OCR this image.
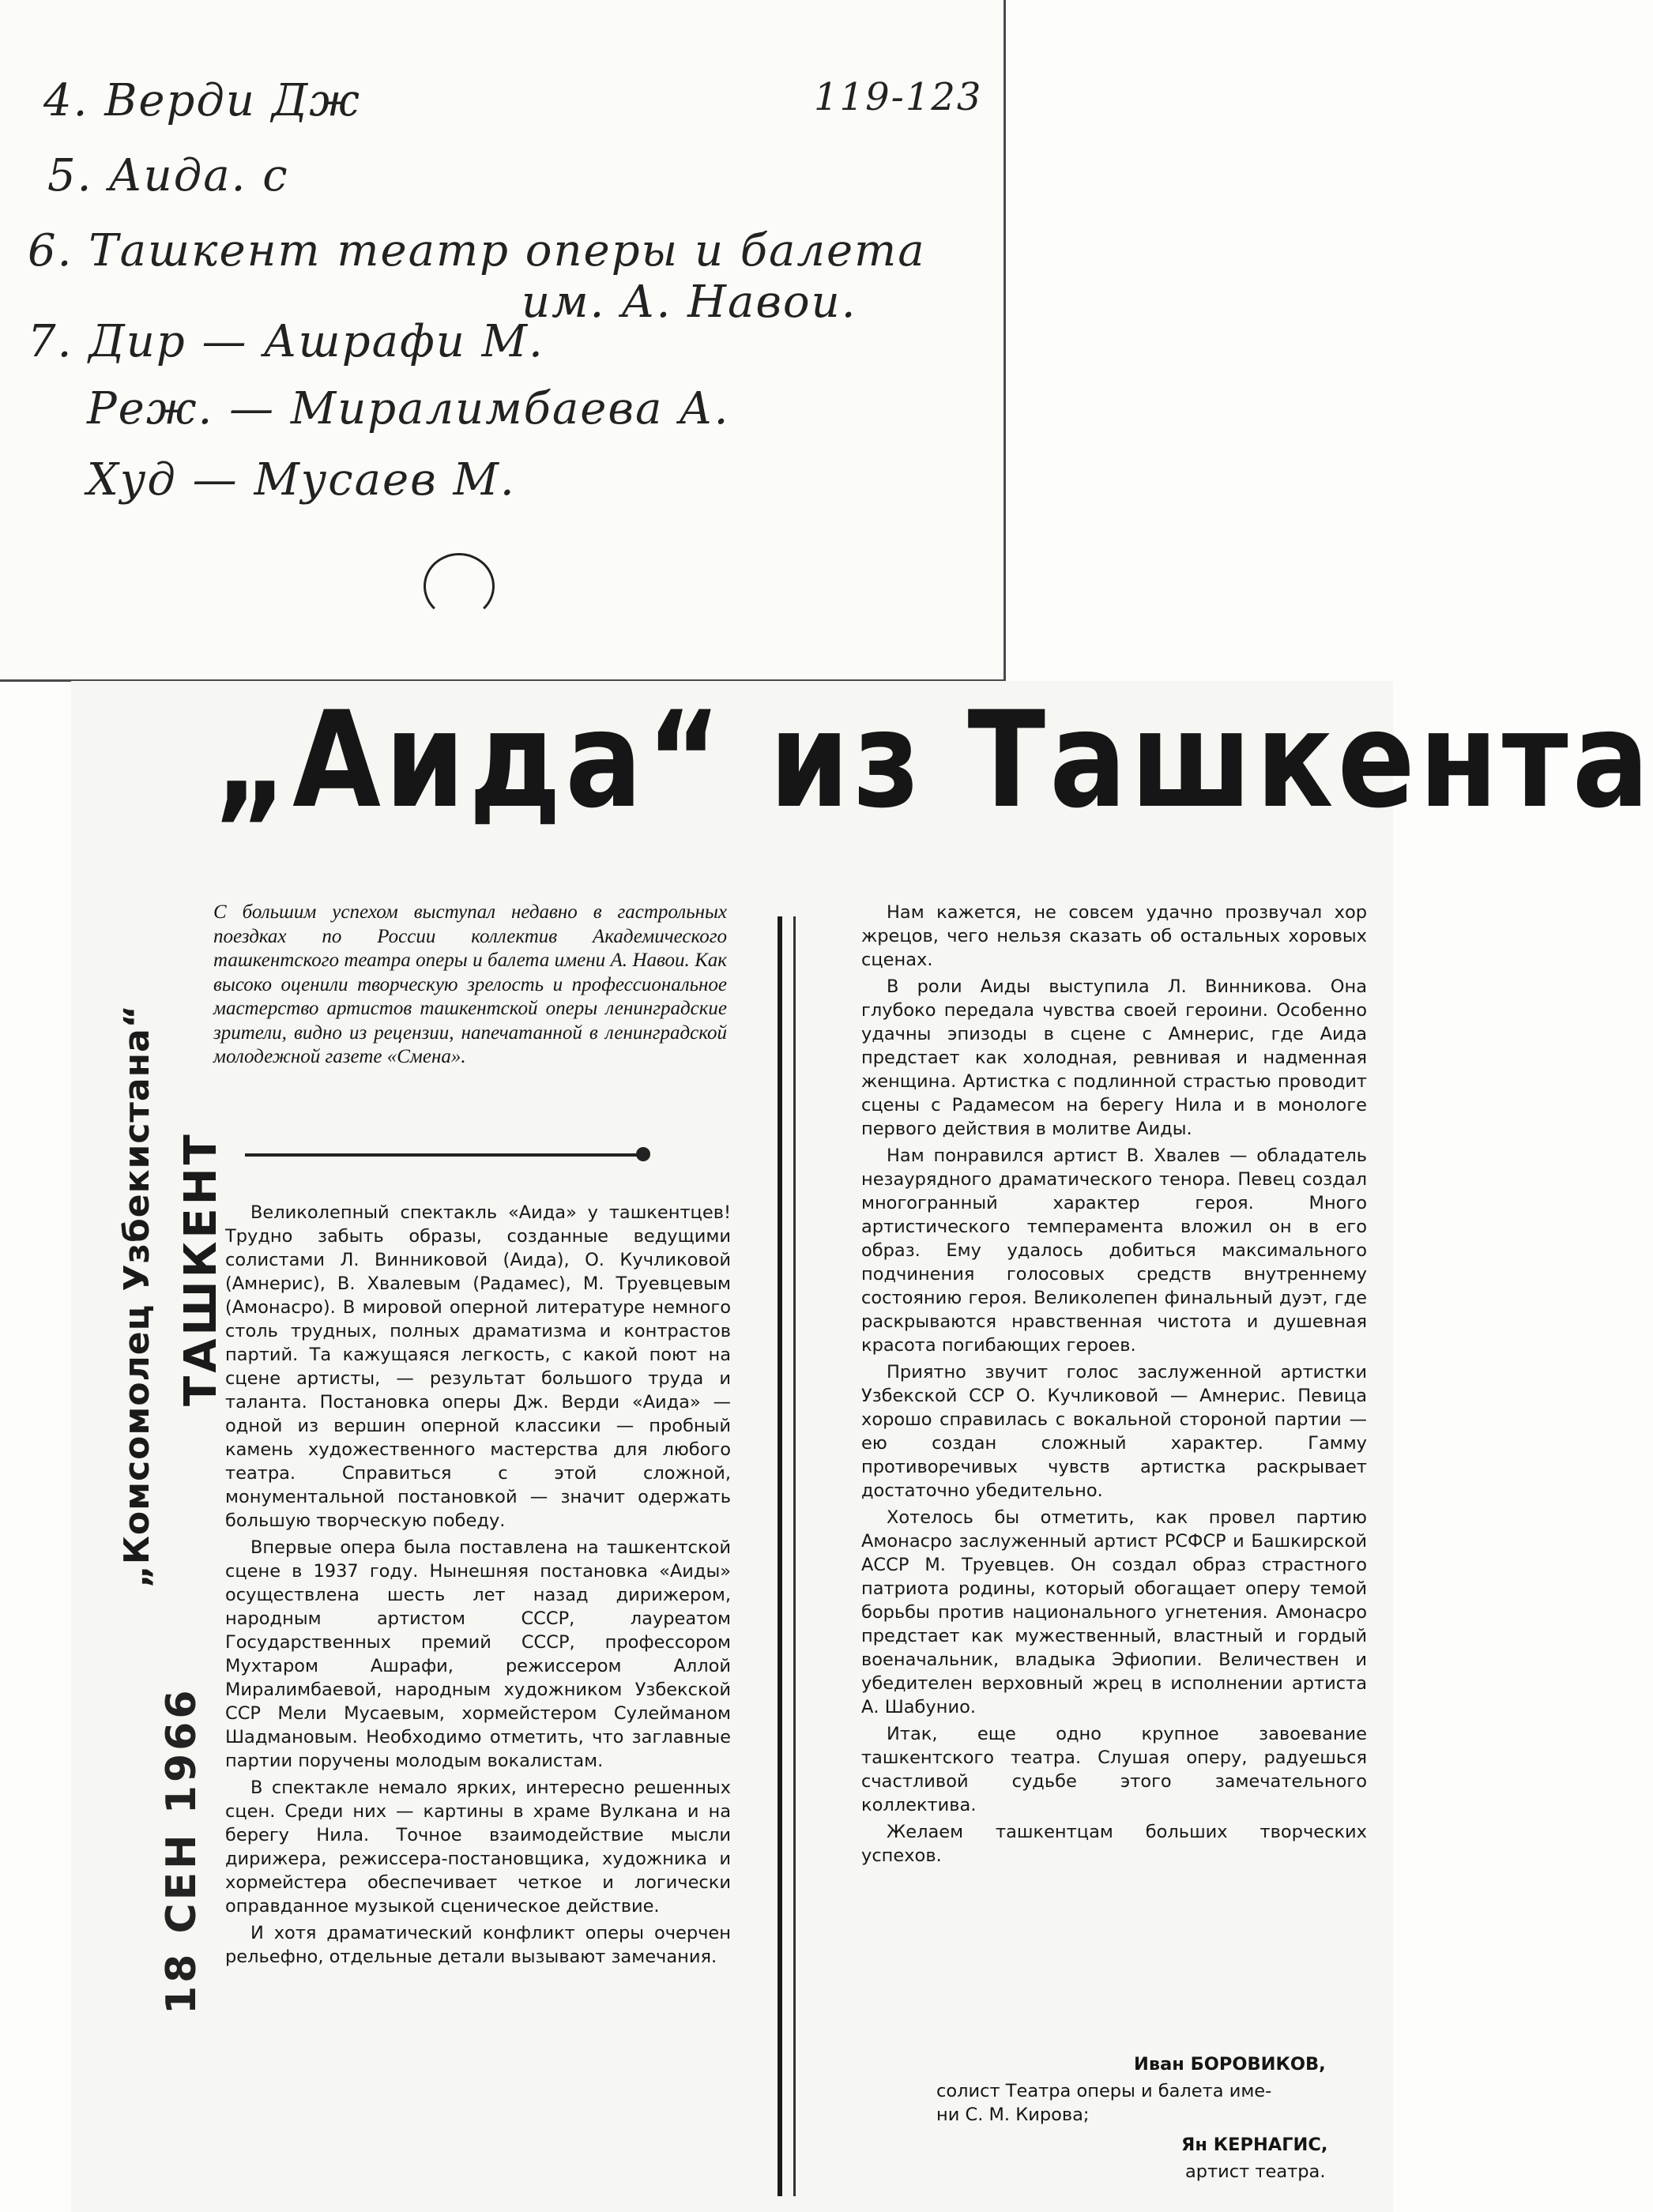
4. Верди Дж
5. Аида. с
6. Ташкент театр оперы и балета
им. А. Навои.
7. Дир — Ашрафи М.
Реж. — Миралимбаева А.
Худ — Мусаев М.
119-123
„Аида“ из Ташкента
„Комсомолец Узбекистана“ ТАШКЕНТ

С большим успехом выступал недавно в гастрольных поездках по России коллектив Академического ташкентского театра оперы и балета имени А. Навои. Как высоко оценили творческую зрелость и профессиональное мастерство артистов ташкентской оперы ленинградские зрители, видно из рецензии, напечатанной в ленинградской молодежной газете «Смена».

Великолепный спектакль «Аида» у ташкентцев! Трудно забыть образы, созданные ведущими солистами Л. Винниковой (Аида), О. Кучликовой (Амнерис), В. Хвалевым (Радамес), М. Труевцевым (Амонасро). В мировой оперной литературе немного столь трудных, полных драматизма и контрастов партий. Та кажущаяся легкость, с какой поют на сцене артисты, — результат большого труда и таланта. Постановка оперы Дж. Верди «Аида» — одной из вершин оперной классики — пробный камень художественного мастерства для любого театра. Справиться с этой сложной, монументальной постановкой — значит одержать большую творческую победу.

Впервые опера была поставлена на ташкентской сцене в 1937 году. Нынешняя постановка «Аиды» осуществлена шесть лет назад дирижером, народным артистом СССР, лауреатом Государственных премий СССР, профессором Мухтаром Ашрафи, режиссером Аллой Миралимбаевой, народным художником Узбекской ССР Мели Мусаевым, хормейстером Сулейманом Шадмановым. Необходимо отметить, что заглавные партии поручены молодым вокалистам.

В спектакле немало ярких, интересно решенных сцен. Среди них — картины в храме Вулкана и на берегу Нила. Точное взаимодействие мысли дирижера, режиссера-постановщика, художника и хормейстера обеспечивает четкое и логически оправданное музыкой сценическое действие.

И хотя драматический конфликт оперы очерчен рельефно, отдельные детали вызывают замечания.

Нам кажется, не совсем удачно прозвучал хор жрецов, чего нельзя сказать об остальных хоровых сценах.

В роли Аиды выступила Л. Винникова. Она глубоко передала чувства своей героини. Особенно удачны эпизоды в сцене с Амнерис, где Аида предстает как холодная, ревнивая и надменная женщина. Артистка с подлинной страстью проводит сцены с Радамесом на берегу Нила и в монологе первого действия в молитве Аиды.

Нам понравился артист В. Хвалев — обладатель незаурядного драматического тенора. Певец создал многогранный характер героя. Много артистического темперамента вложил он в его образ. Ему удалось добиться максимального подчинения голосовых средств внутреннему состоянию героя. Великолепен финальный дуэт, где раскрываются нравственная чистота и душевная красота погибающих героев.

Приятно звучит голос заслуженной артистки Узбекской ССР О. Кучликовой — Амнерис. Певица хорошо справилась с вокальной стороной партии — ею создан сложный характер. Гамму противоречивых чувств артистка раскрывает достаточно убедительно.

Хотелось бы отметить, как провел партию Амонасро заслуженный артист РСФСР и Башкирской АССР М. Труевцев. Он создал образ страстного патриота родины, который обогащает оперу темой борьбы против национального угнетения. Амонасро предстает как мужественный, властный и гордый военачальник, владыка Эфиопии. Величествен и убедителен верховный жрец в исполнении артиста А. Шабунио.

Итак, еще одно крупное завоевание ташкентского театра. Слушая оперу, радуешься счастливой судьбе этого замечательного коллектива.

Желаем ташкентцам больших творческих успехов.

Иван БОРОВИКОВ,
солист Театра оперы и балета име-
ни С. М. Кирова;
Ян КЕРНАГИС,
артист театра.
18 СЕН 1966
